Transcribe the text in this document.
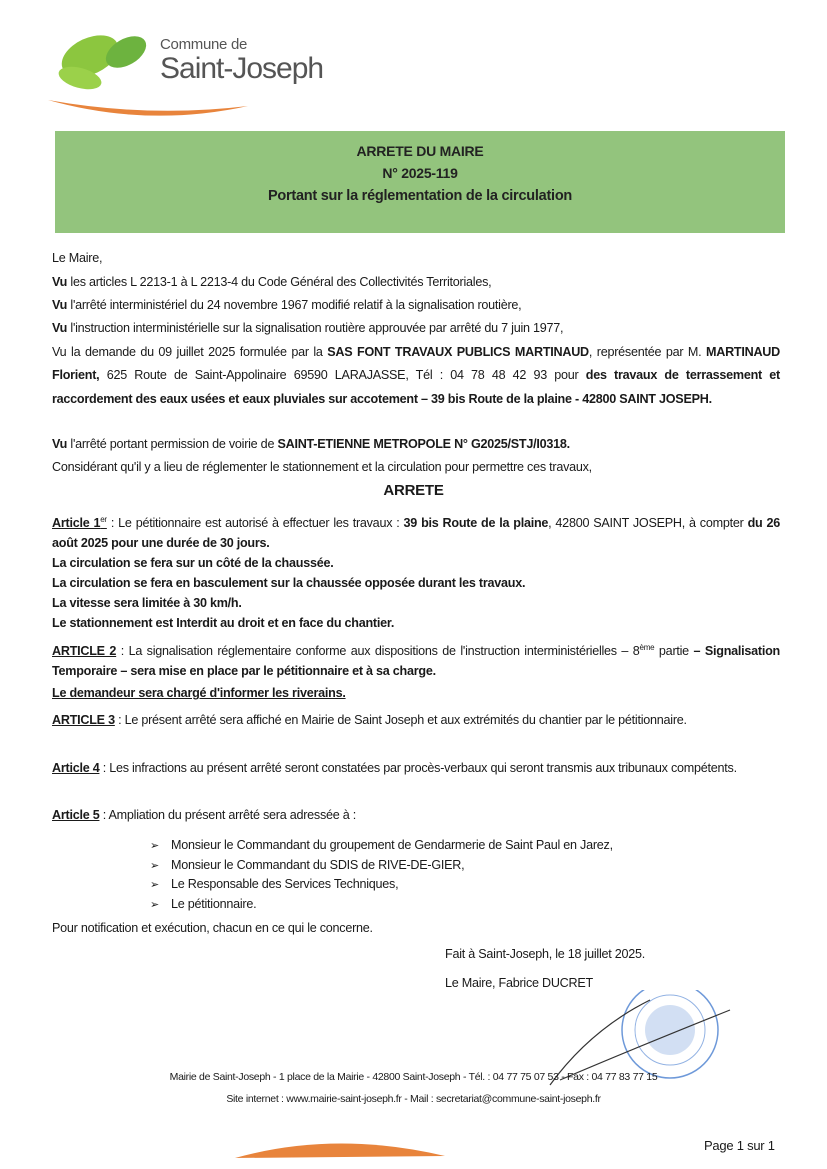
Commune de
Saint-Joseph
ARRETE DU MAIRE
N° 2025-119
Portant sur la réglementation de la circulation
Le Maire,
Vu les articles L 2213-1 à L 2213-4 du Code Général des Collectivités Territoriales,
Vu l'arrêté interministériel du 24 novembre 1967 modifié relatif à la signalisation routière,
Vu l'instruction interministérielle sur la signalisation routière approuvée par arrêté du 7 juin 1977,
Vu la demande du 09 juillet 2025 formulée par la SAS FONT TRAVAUX PUBLICS MARTINAUD, représentée par M. MARTINAUD Florient, 625 Route de Saint-Appolinaire 69590 LARAJASSE, Tél : 04 78 48 42 93 pour des travaux de terrassement et raccordement des eaux usées et eaux pluviales sur accotement – 39 bis Route de la plaine - 42800 SAINT JOSEPH.
Vu l'arrêté portant permission de voirie de SAINT-ETIENNE METROPOLE N° G2025/STJ/I0318.
Considérant qu'il y a lieu de réglementer le stationnement et la circulation pour permettre ces travaux,
ARRETE
Article 1er : Le pétitionnaire est autorisé à effectuer les travaux : 39 bis Route de la plaine, 42800 SAINT JOSEPH, à compter du 26 août 2025 pour une durée de 30 jours.
La circulation se fera sur un côté de la chaussée.
La circulation se fera en basculement sur la chaussée opposée durant les travaux.
La vitesse sera limitée à 30 km/h.
Le stationnement est Interdit au droit et en face du chantier.
ARTICLE 2 : La signalisation réglementaire conforme aux dispositions de l'instruction interministérielles – 8ème partie – Signalisation Temporaire – sera mise en place par le pétitionnaire et à sa charge.
Le demandeur sera chargé d'informer les riverains.
ARTICLE 3 : Le présent arrêté sera affiché en Mairie de Saint Joseph et aux extrémités du chantier par le pétitionnaire.
Article 4 : Les infractions au présent arrêté seront constatées par procès-verbaux qui seront transmis aux tribunaux compétents.
Article 5 : Ampliation du présent arrêté sera adressée à :
➢ Monsieur le Commandant du groupement de Gendarmerie de Saint Paul en Jarez,
➢ Monsieur le Commandant du SDIS de RIVE-DE-GIER,
➢ Le Responsable des Services Techniques,
➢ Le pétitionnaire.
Pour notification et exécution, chacun en ce qui le concerne.
Fait à Saint-Joseph, le 18 juillet 2025.
Le Maire, Fabrice DUCRET
Mairie de Saint-Joseph - 1 place de la Mairie - 42800 Saint-Joseph - Tél. : 04 77 75 07 53 - Fax : 04 77 83 77 15
Site internet : www.mairie-saint-joseph.fr - Mail : secretariat@commune-saint-joseph.fr
Page 1 sur 1
